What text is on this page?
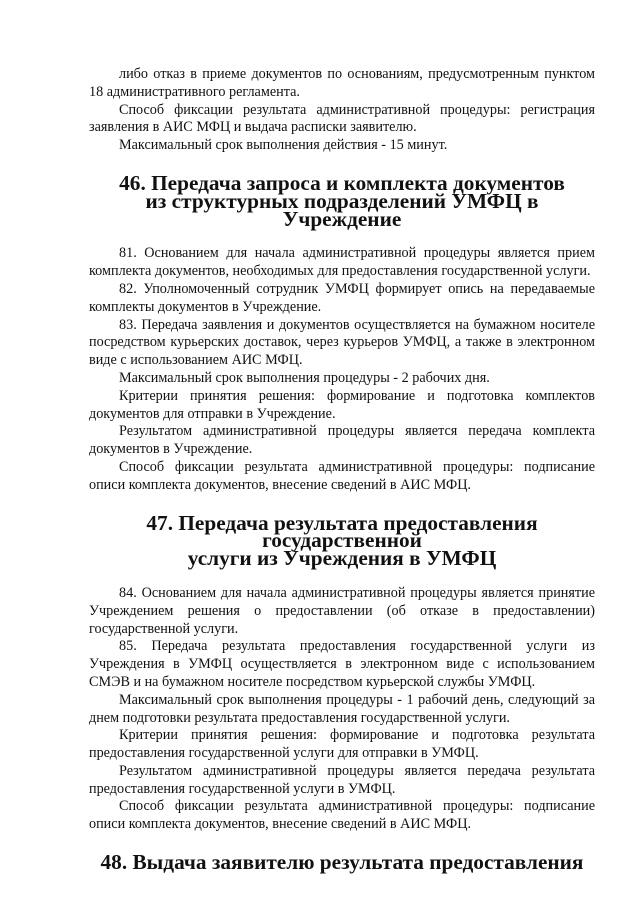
либо отказ в приеме документов по основаниям, предусмотренным пунктом 18 административного регламента.

Способ фиксации результата административной процедуры: регистрация заявления в АИС МФЦ и выдача расписки заявителю.

Максимальный срок выполнения действия - 15 минут.

46. Передача запроса и комплекта документов
из структурных подразделений УМФЦ в Учреждение

81. Основанием для начала административной процедуры является прием комплекта документов, необходимых для предоставления государственной услуги.

82. Уполномоченный сотрудник УМФЦ формирует опись на передаваемые комплекты документов в Учреждение.

83. Передача заявления и документов осуществляется на бумажном носителе посредством курьерских доставок, через курьеров УМФЦ, а также в электронном виде с использованием АИС МФЦ.

Максимальный срок выполнения процедуры - 2 рабочих дня.

Критерии принятия решения: формирование и подготовка комплектов документов для отправки в Учреждение.

Результатом административной процедуры является передача комплекта документов в Учреждение.

Способ фиксации результата административной процедуры: подписание описи комплекта документов, внесение сведений в АИС МФЦ.

47. Передача результата предоставления государственной
услуги из Учреждения в УМФЦ

84. Основанием для начала административной процедуры является принятие Учреждением решения о предоставлении (об отказе в предоставлении) государственной услуги.

85. Передача результата предоставления государственной услуги из Учреждения в УМФЦ осуществляется в электронном виде с использованием СМЭВ и на бумажном носителе посредством курьерской службы УМФЦ.

Максимальный срок выполнения процедуры - 1 рабочий день, следующий за днем подготовки результата предоставления государственной услуги.

Критерии принятия решения: формирование и подготовка результата предоставления государственной услуги для отправки в УМФЦ.

Результатом административной процедуры является передача результата предоставления государственной услуги в УМФЦ.

Способ фиксации результата административной процедуры: подписание описи комплекта документов, внесение сведений в АИС МФЦ.

48. Выдача заявителю результата предоставления
